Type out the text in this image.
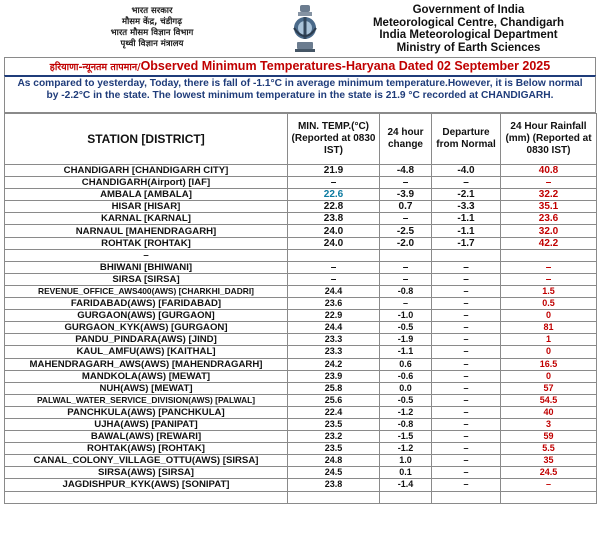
भारत सरकार
मौसम केंद्र, चंडीगढ़
भारत मौसम विज्ञान विभाग
पृथ्वी विज्ञान मंत्रालय
Government of India
Meteorological Centre, Chandigarh
India Meteorological Department
Ministry of Earth Sciences
हरियाणा-न्यूनतम तापमान/Observed Minimum Temperatures-Haryana Dated 02 September 2025
As compared to yesterday, Today, there is fall of -1.1°C in average minimum temperature.However, it is Below normal by -2.2°C in the state. The lowest minimum temperature in the state is 21.9 °C recorded at CHANDIGARH.
STATION [DISTRICT]	MIN. TEMP.(°C) (Reported at 0830 IST)	24 hour change	Departure from Normal	24 Hour Rainfall (mm) (Reported at 0830 IST)
CHANDIGARH [CHANDIGARH CITY]	21.9	-4.8	-4.0	40.8
CHANDIGARH(Airport) [IAF]	–	–	–	–
AMBALA [AMBALA]	22.6	-3.9	-2.1	32.2
HISAR [HISAR]	22.8	0.7	-3.3	35.1
KARNAL [KARNAL]	23.8	–	-1.1	23.6
NARNAUL [MAHENDRAGARH]	24.0	-2.5	-1.1	32.0
ROHTAK [ROHTAK]	24.0	-2.0	-1.7	42.2
–				
BHIWANI [BHIWANI]	–	–	–	–
SIRSA [SIRSA]	–	–	–	–
REVENUE_OFFICE_AWS400(AWS) [CHARKHI_DADRI]	24.4	-0.8	–	1.5
FARIDABAD(AWS) [FARIDABAD]	23.6	–	–	0.5
GURGAON(AWS) [GURGAON]	22.9	-1.0	–	0
GURGAON_KYK(AWS) [GURGAON]	24.4	-0.5	–	81
PANDU_PINDARA(AWS) [JIND]	23.3	-1.9	–	1
KAUL_AMFU(AWS) [KAITHAL]	23.3	-1.1	–	0
MAHENDRAGARH_AWS(AWS) [MAHENDRAGARH]	24.2	0.6	–	16.5
MANDKOLA(AWS) [MEWAT]	23.9	-0.6	–	0
NUH(AWS) [MEWAT]	25.8	0.0	–	57
PALWAL_WATER_SERVICE_DIVISION(AWS) [PALWAL]	25.6	-0.5	–	54.5
PANCHKULA(AWS) [PANCHKULA]	22.4	-1.2	–	40
UJHA(AWS) [PANIPAT]	23.5	-0.8	–	3
BAWAL(AWS) [REWARI]	23.2	-1.5	–	59
ROHTAK(AWS) [ROHTAK]	23.5	-1.2	–	5.5
CANAL_COLONY_VILLAGE_OTTU(AWS) [SIRSA]	24.8	1.0	–	35
SIRSA(AWS) [SIRSA]	24.5	0.1	–	24.5
JAGDISHPUR_KYK(AWS) [SONIPAT]	23.8	-1.4	–	–
